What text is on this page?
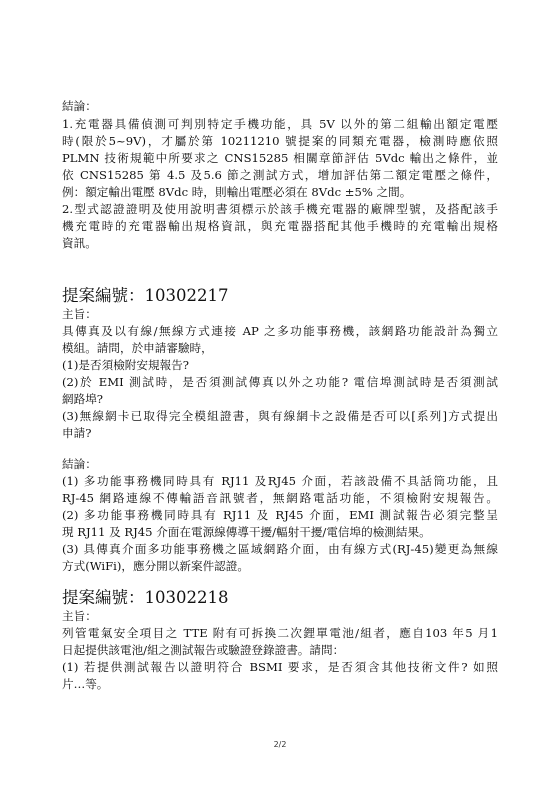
結論：
1.充電器具備偵測可判別特定手機功能，具 5V 以外的第二組輸出額定電壓
時(限於5~9V)，才屬於第 10211210 號提案的同類充電器，檢測時應依照
PLMN 技術規範中所要求之 CNS15285 相關章節評估 5Vdc 輸出之條件，並
依 CNS15285 第 4.5 及5.6 節之測試方式，增加評估第二額定電壓之條件，
例：額定輸出電壓 8Vdc 時，則輸出電壓必須在 8Vdc ±5% 之間。
2.型式認證證明及使用說明書須標示於該手機充電器的廠牌型號，及搭配該手
機充電時的充電器輸出規格資訊，與充電器搭配其他手機時的充電輸出規格
資訊。
提案編號：10302217
主旨：
具傳真及以有線/無線方式連接 AP 之多功能事務機，該網路功能設計為獨立
模組。請問，於申請審驗時，
(1)是否須檢附安規報告?
(2)於 EMI 測試時，是否須測試傳真以外之功能? 電信埠測試時是否須測試
網路埠?
(3)無線網卡已取得完全模組證書，與有線網卡之設備是否可以[系列]方式提出
申請?
結論：
(1) 多功能事務機同時具有 RJ11 及RJ45 介面，若該設備不具話筒功能，且
RJ-45 網路連線不傳輸語音訊號者，無網路電話功能，不須檢附安規報告。
(2) 多功能事務機同時具有 RJ11 及 RJ45 介面，EMI 測試報告必須完整呈
現 RJ11 及 RJ45 介面在電源線傳導干擾/輻射干擾/電信埠的檢測結果。
(3) 具傳真介面多功能事務機之區域網路介面，由有線方式(RJ-45)變更為無線
方式(WiFi)，應分開以新案件認證。
提案編號：10302218
主旨：
列管電氣安全項目之 TTE 附有可拆換二次鋰單電池/組者，應自103 年5 月1
日起提供該電池/組之測試報告或驗證登錄證書。請問：
(1) 若提供測試報告以證明符合 BSMI 要求，是否須含其他技術文件? 如照
片…等。
2/2
